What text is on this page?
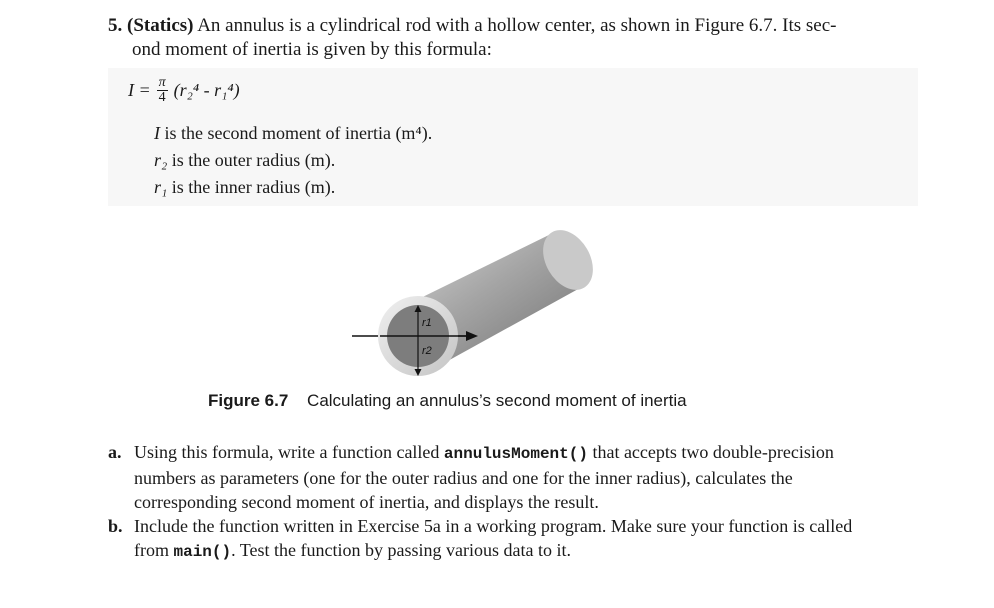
5. (Statics) An annulus is a cylindrical rod with a hollow center, as shown in Figure 6.7. Its sec-
ond moment of inertia is given by this formula:
$I = \frac{\pi}{4} (r_2^4 - r_1^4)$
I is the second moment of inertia (m⁴).
r₂ is the outer radius (m).
r₁ is the inner radius (m).
r1
r2
Figure 6.7 Calculating an annulus’s second moment of inertia
a. Using this formula, write a function called annulusMoment() that accepts two double-precision numbers as parameters (one for the outer radius and one for the inner radius), calculates the corresponding second moment of inertia, and displays the result.
b. Include the function written in Exercise 5a in a working program. Make sure your function is called from main(). Test the function by passing various data to it.
